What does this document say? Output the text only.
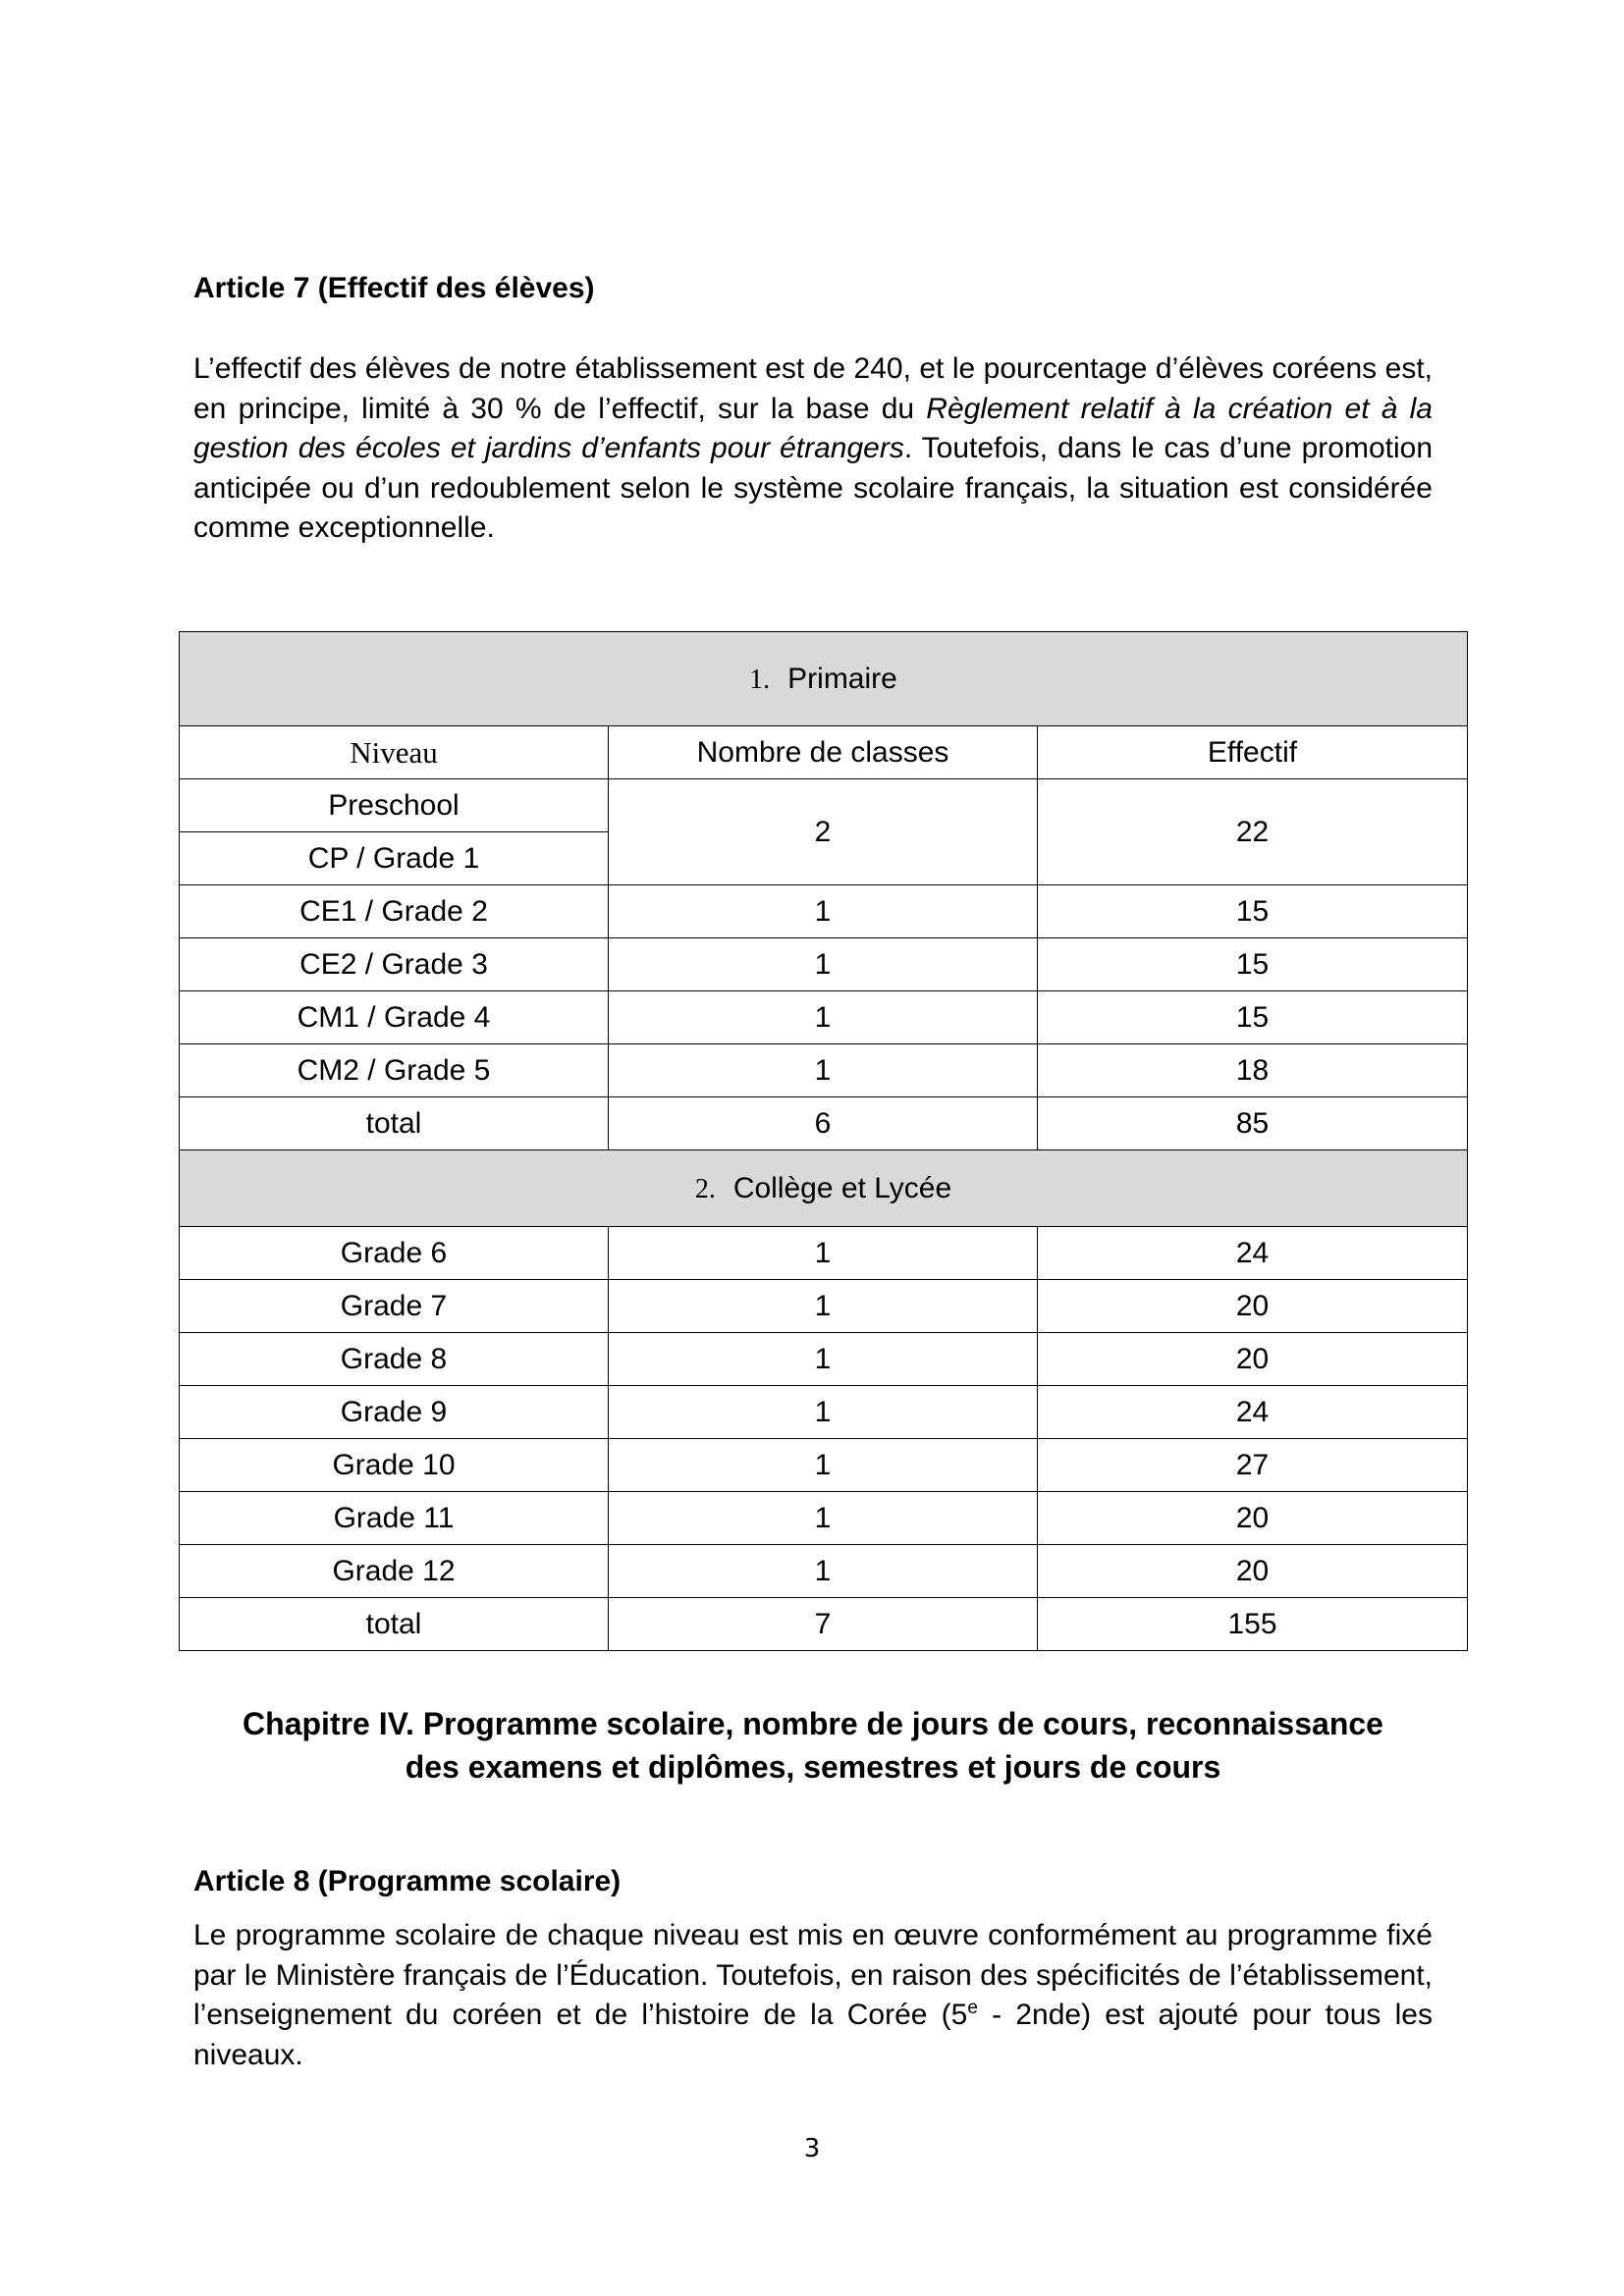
Article 7 (Effectif des élèves)

L’effectif des élèves de notre établissement est de 240, et le pourcentage d’élèves coréens est, en principe, limité à 30 % de l’effectif, sur la base du Règlement relatif à la création et à la gestion des écoles et jardins d’enfants pour étrangers. Toutefois, dans le cas d’une promotion anticipée ou d’un redoublement selon le système scolaire français, la situation est considérée comme exceptionnelle.

1. Primaire		
Niveau	Nombre de classes	Effectif
Preschool	2	22
CP / Grade 1		
CE1 / Grade 2	1	15
CE2 / Grade 3	1	15
CM1 / Grade 4	1	15
CM2 / Grade 5	1	18
total	6	85
2. Collège et Lycée		
Grade 6	1	24
Grade 7	1	20
Grade 8	1	20
Grade 9	1	24
Grade 10	1	27
Grade 11	1	20
Grade 12	1	20
total	7	155
Chapitre IV. Programme scolaire, nombre de jours de cours, reconnaissance
des examens et diplômes, semestres et jours de cours
Article 8 (Programme scolaire)

Le programme scolaire de chaque niveau est mis en œuvre conformément au programme fixé par le Ministère français de l’Éducation. Toutefois, en raison des spécificités de l’établissement, l’enseignement du coréen et de l’histoire de la Corée (5e - 2nde) est ajouté pour tous les niveaux.

3
